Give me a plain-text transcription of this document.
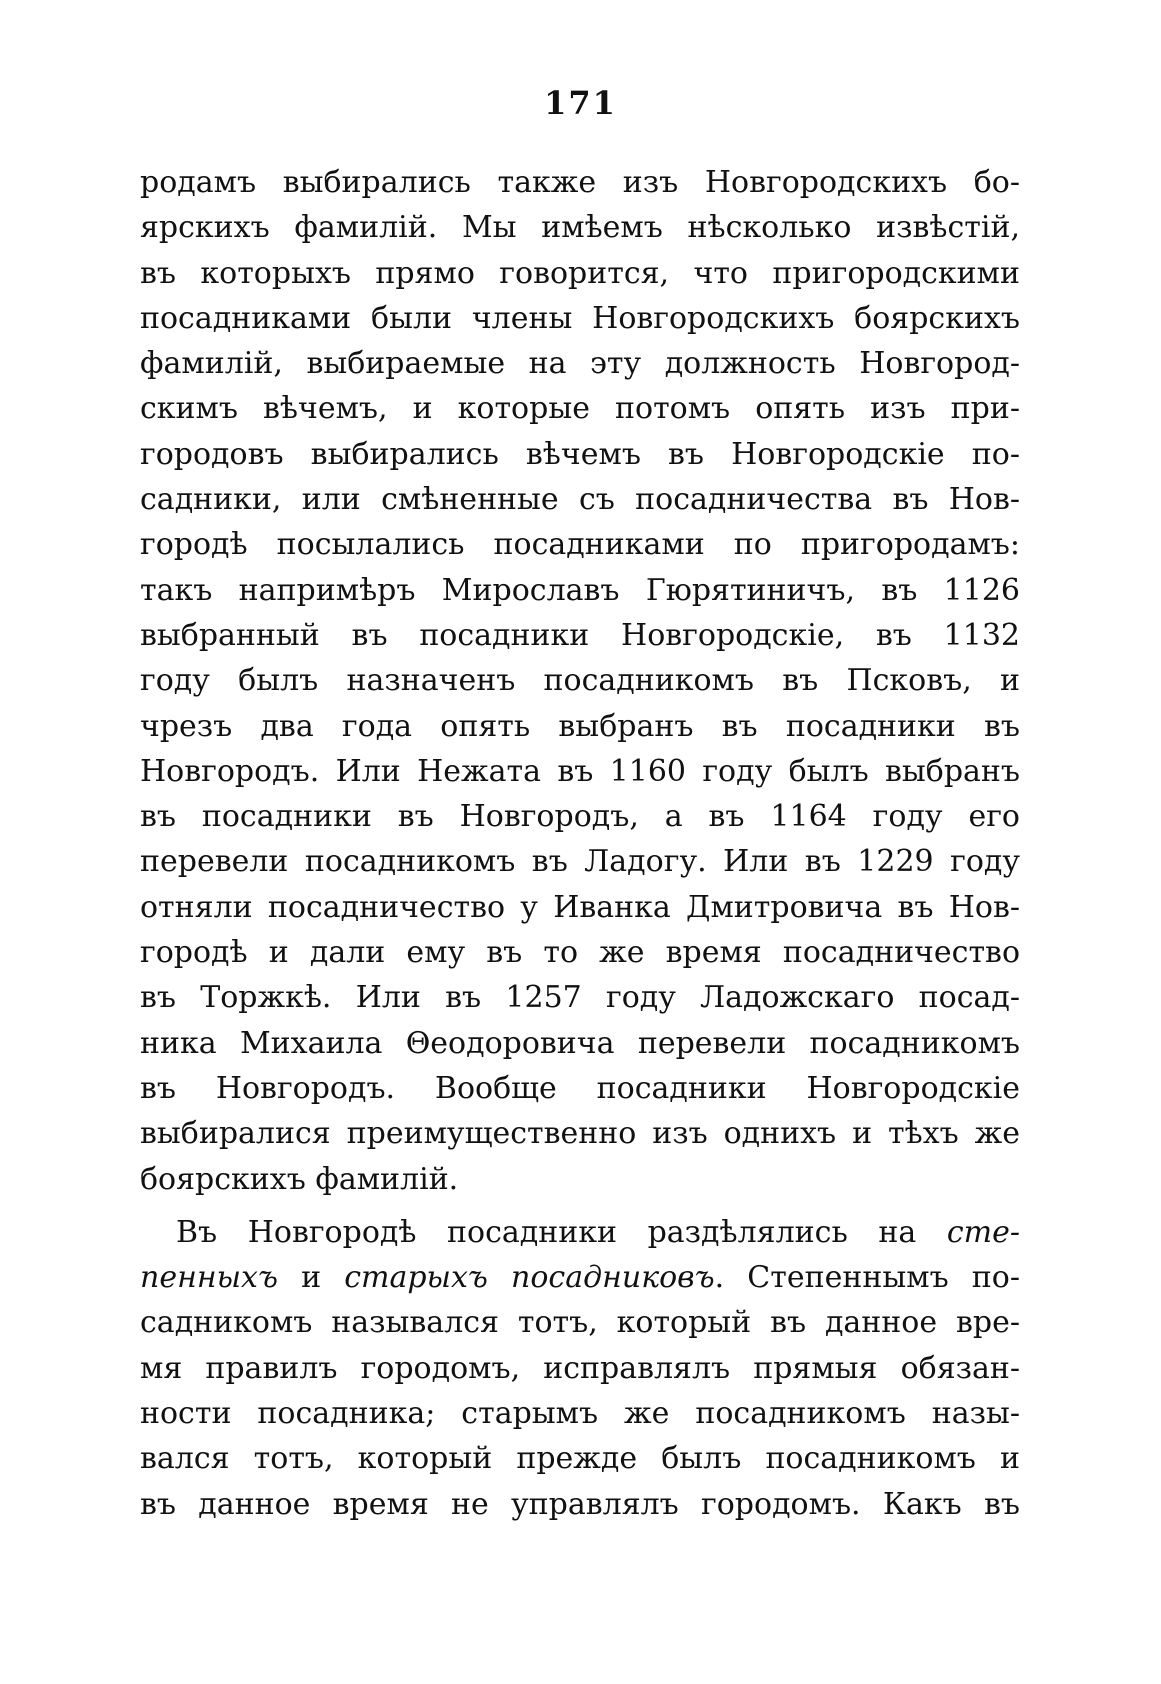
171
родамъ выбирались также изъ Новгородскихъ бо-
ярскихъ фамилій. Мы имѣемъ нѣсколько извѣстій,
въ которыхъ прямо говорится, что пригородскими
посадниками были члены Новгородскихъ боярскихъ
фамилій, выбираемые на эту должность Новгород-
скимъ вѣчемъ, и которые потомъ опять изъ при-
городовъ выбирались вѣчемъ въ Новгородскіе по-
садники, или смѣненные съ посадничества въ Нов-
городѣ посылались посадниками по пригородамъ:
такъ напримѣръ Мирославъ Гюрятиничъ, въ 1126
выбранный въ посадники Новгородскіе, въ 1132
году былъ назначенъ посадникомъ въ Псковъ, и
чрезъ два года опять выбранъ въ посадники въ
Новгородъ. Или Нежата въ 1160 году былъ выбранъ
въ посадники въ Новгородъ, а въ 1164 году его
перевели посадникомъ въ Ладогу. Или въ 1229 году
отняли посадничество у Иванка Дмитровича въ Нов-
городѣ и дали ему въ то же время посадничество
въ Торжкѣ. Или въ 1257 году Ладожскаго посад-
ника Михаила Θеодоровича перевели посадникомъ
въ Новгородъ. Вообще посадники Новгородскіе
выбиралися преимущественно изъ однихъ и тѣхъ же
боярскихъ фамилій.
Въ Новгородѣ посадники раздѣлялись на сте-
пенныхъ и старыхъ посадниковъ. Степеннымъ по-
садникомъ назывался тотъ, который въ данное вре-
мя правилъ городомъ, исправлялъ прямыя обязан-
ности посадника; старымъ же посадникомъ назы-
вался тотъ, который прежде былъ посадникомъ и
въ данное время не управлялъ городомъ. Какъ въ
